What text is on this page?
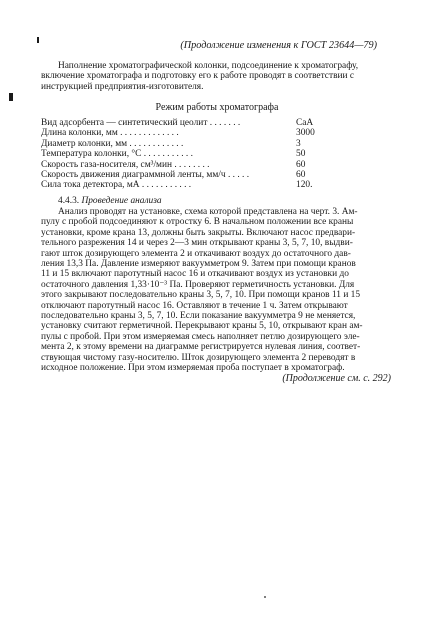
(Продолжение изменения к ГОСТ 23644—79)
Наполнение хроматографической колонки, подсоединение к хроматографу,
включение хроматографа и подготовку его к работе проводят в соответствии с
инструкцией предприятия-изготовителя.
Режим работы хроматографа
Вид адсорбента — синтетический цеолит . . . . . . .	CaA
Длина колонки, мм . . . . . . . . . . . . .	3000
Диаметр колонки, мм . . . . . . . . . . . .	3
Температура колонки, °C . . . . . . . . . . .	50
Скорость газа-носителя, см³/мин . . . . . . . .	60
Скорость движения диаграммной ленты, мм/ч . . . . .	60
Сила тока детектора, мА . . . . . . . . . . .	120.
4.4.3. Проведение анализа
Анализ проводят на установке, схема которой представлена на черт. 3. Ам-
пулу с пробой подсоединяют к отростку 6. В начальном положении все краны
установки, кроме крана 13, должны быть закрыты. Включают насос предвари-
тельного разрежения 14 и через 2—3 мин открывают краны 3, 5, 7, 10, выдви-
гают шток дозирующего элемента 2 и откачивают воздух до остаточного дав-
ления 13,3 Па. Давление измеряют вакуумметром 9. Затем при помощи кранов
11 и 15 включают паротутный насос 16 и откачивают воздух из установки до
остаточного давления 1,33·10⁻³ Па. Проверяют герметичность установки. Для
этого закрывают последовательно краны 3, 5, 7, 10. При помощи кранов 11 и 15
отключают паротутный насос 16. Оставляют в течение 1 ч. Затем открывают
последовательно краны 3, 5, 7, 10. Если показание вакуумметра 9 не меняется,
установку считают герметичной. Перекрывают краны 5, 10, открывают кран ам-
пулы с пробой. При этом измеряемая смесь наполняет петлю дозирующего эле-
мента 2, к этому времени на диаграмме регистрируется нулевая линия, соответ-
ствующая чистому газу-носителю. Шток дозирующего элемента 2 переводят в
исходное положение. При этом измеряемая проба поступает в хроматограф.
(Продолжение см. с. 292)
